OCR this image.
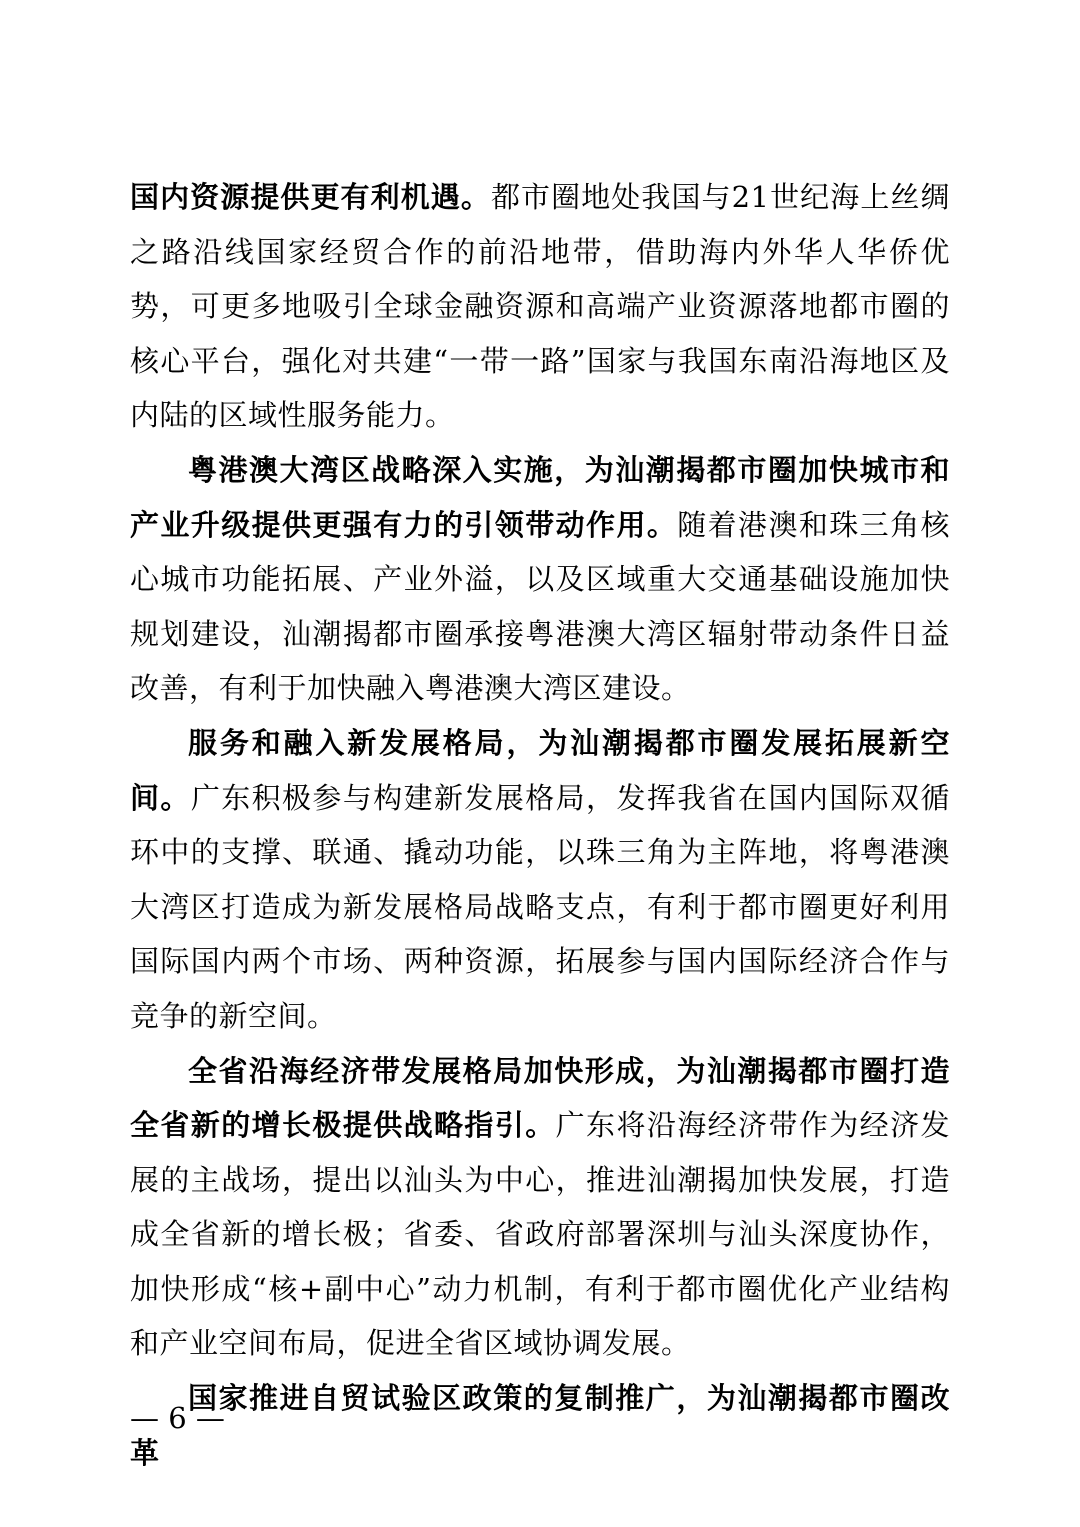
国内资源提供更有利机遇。都市圈地处我国与21世纪海上丝绸之路沿线国家经贸合作的前沿地带，借助海内外华人华侨优势，可更多地吸引全球金融资源和高端产业资源落地都市圈的核心平台，强化对共建“一带一路”国家与我国东南沿海地区及内陆的区域性服务能力。

粤港澳大湾区战略深入实施，为汕潮揭都市圈加快城市和产业升级提供更强有力的引领带动作用。随着港澳和珠三角核心城市功能拓展、产业外溢，以及区域重大交通基础设施加快规划建设，汕潮揭都市圈承接粤港澳大湾区辐射带动条件日益改善，有利于加快融入粤港澳大湾区建设。

服务和融入新发展格局，为汕潮揭都市圈发展拓展新空间。广东积极参与构建新发展格局，发挥我省在国内国际双循环中的支撑、联通、撬动功能，以珠三角为主阵地，将粤港澳大湾区打造成为新发展格局战略支点，有利于都市圈更好利用国际国内两个市场、两种资源，拓展参与国内国际经济合作与竞争的新空间。

全省沿海经济带发展格局加快形成，为汕潮揭都市圈打造全省新的增长极提供战略指引。广东将沿海经济带作为经济发展的主战场，提出以汕头为中心，推进汕潮揭加快发展，打造成全省新的增长极；省委、省政府部署深圳与汕头深度协作，加快形成“核+副中心”动力机制，有利于都市圈优化产业结构和产业空间布局，促进全省区域协调发展。

国家推进自贸试验区政策的复制推广，为汕潮揭都市圈改革

— 6 —
